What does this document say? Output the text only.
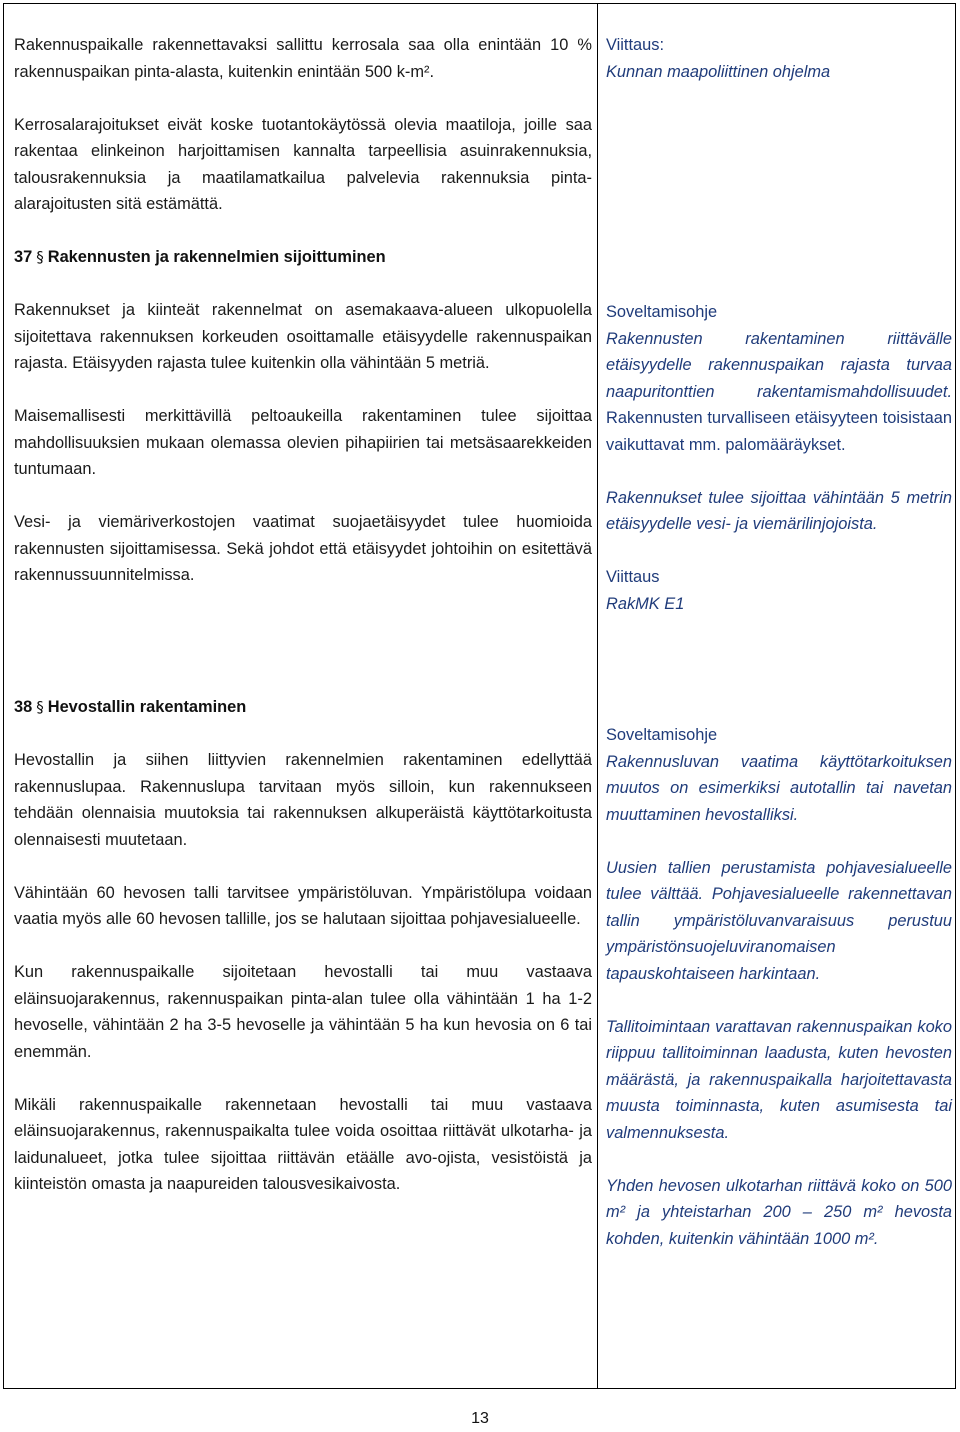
Rakennuspaikalle rakennettavaksi sallittu kerrosala saa olla enintään 10 % rakennuspaikan pinta-alasta, kuitenkin enintään 500 k-m².

Kerrosalarajoitukset eivät koske tuotantokäytössä olevia maatiloja, joille saa rakentaa elinkeinon harjoittamisen kannalta tarpeellisia asuinrakennuksia, talousrakennuksia ja maatilamatkailua palvelevia rakennuksia pinta-alarajoitusten sitä estämättä.

37 § Rakennusten ja rakennelmien sijoittuminen

Rakennukset ja kiinteät rakennelmat on asemakaava-alueen ulkopuolella sijoitettava rakennuksen korkeuden osoittamalle etäisyydelle rakennuspaikan rajasta. Etäisyyden rajasta tulee kuitenkin olla vähintään 5 metriä.

Maisemallisesti merkittävillä peltoaukeilla rakentaminen tulee sijoittaa mahdollisuuksien mukaan olemassa olevien pihapiirien tai metsäsaarekkeiden tuntumaan.

Vesi- ja viemäriverkostojen vaatimat suojaetäisyydet tulee huomioida rakennusten sijoittamisessa. Sekä johdot että etäisyydet johtoihin on esitettävä rakennussuunnitelmissa.

38 § Hevostallin rakentaminen

Hevostallin ja siihen liittyvien rakennelmien rakentaminen edellyttää rakennuslupaa. Rakennuslupa tarvitaan myös silloin, kun rakennukseen tehdään olennaisia muutoksia tai rakennuksen alkuperäistä käyttötarkoitusta olennaisesti muutetaan.

Vähintään 60 hevosen talli tarvitsee ympäristöluvan. Ympäristölupa voidaan vaatia myös alle 60 hevosen tallille, jos se halutaan sijoittaa pohjavesialueelle.

Kun rakennuspaikalle sijoitetaan hevostalli tai muu vastaava eläinsuojarakennus, rakennuspaikan pinta-alan tulee olla vähintään 1 ha 1-2 hevoselle, vähintään 2 ha 3-5 hevoselle ja vähintään 5 ha kun hevosia on 6 tai enemmän.

Mikäli rakennuspaikalle rakennetaan hevostalli tai muu vastaava eläinsuojarakennus, rakennuspaikalta tulee voida osoittaa riittävät ulkotarha- ja laidunalueet, jotka tulee sijoittaa riittävän etäälle avo-ojista, vesistöistä ja kiinteistön omasta ja naapureiden talousvesikaivosta.

Viittaus:

Kunnan maapoliittinen ohjelma

Soveltamisohje

Rakennusten rakentaminen riittävälle etäisyydelle rakennuspaikan rajasta turvaa naapuritonttien rakentamismahdollisuudet. Rakennusten turvalliseen etäisyyteen toisistaan vaikuttavat mm. palomääräykset.

Rakennukset tulee sijoittaa vähintään 5 metrin etäisyydelle vesi- ja viemärilinjojoista.

Viittaus

RakMK E1

Soveltamisohje

Rakennusluvan vaatima käyttötarkoituksen muutos on esimerkiksi autotallin tai navetan muuttaminen hevostalliksi.

Uusien tallien perustamista pohjavesialueelle tulee välttää. Pohjavesialueelle rakennettavan tallin ympäristöluvanvaraisuus perustuu ympäristönsuojeluviranomaisen tapauskohtaiseen harkintaan.

Tallitoimintaan varattavan rakennuspaikan koko riippuu tallitoiminnan laadusta, kuten hevosten määrästä, ja rakennuspaikalla harjoitettavasta muusta toiminnasta, kuten asumisesta tai valmennuksesta.

Yhden hevosen ulkotarhan riittävä koko on 500 m² ja yhteistarhan 200 – 250 m² hevosta kohden, kuitenkin vähintään 1000 m².

13
